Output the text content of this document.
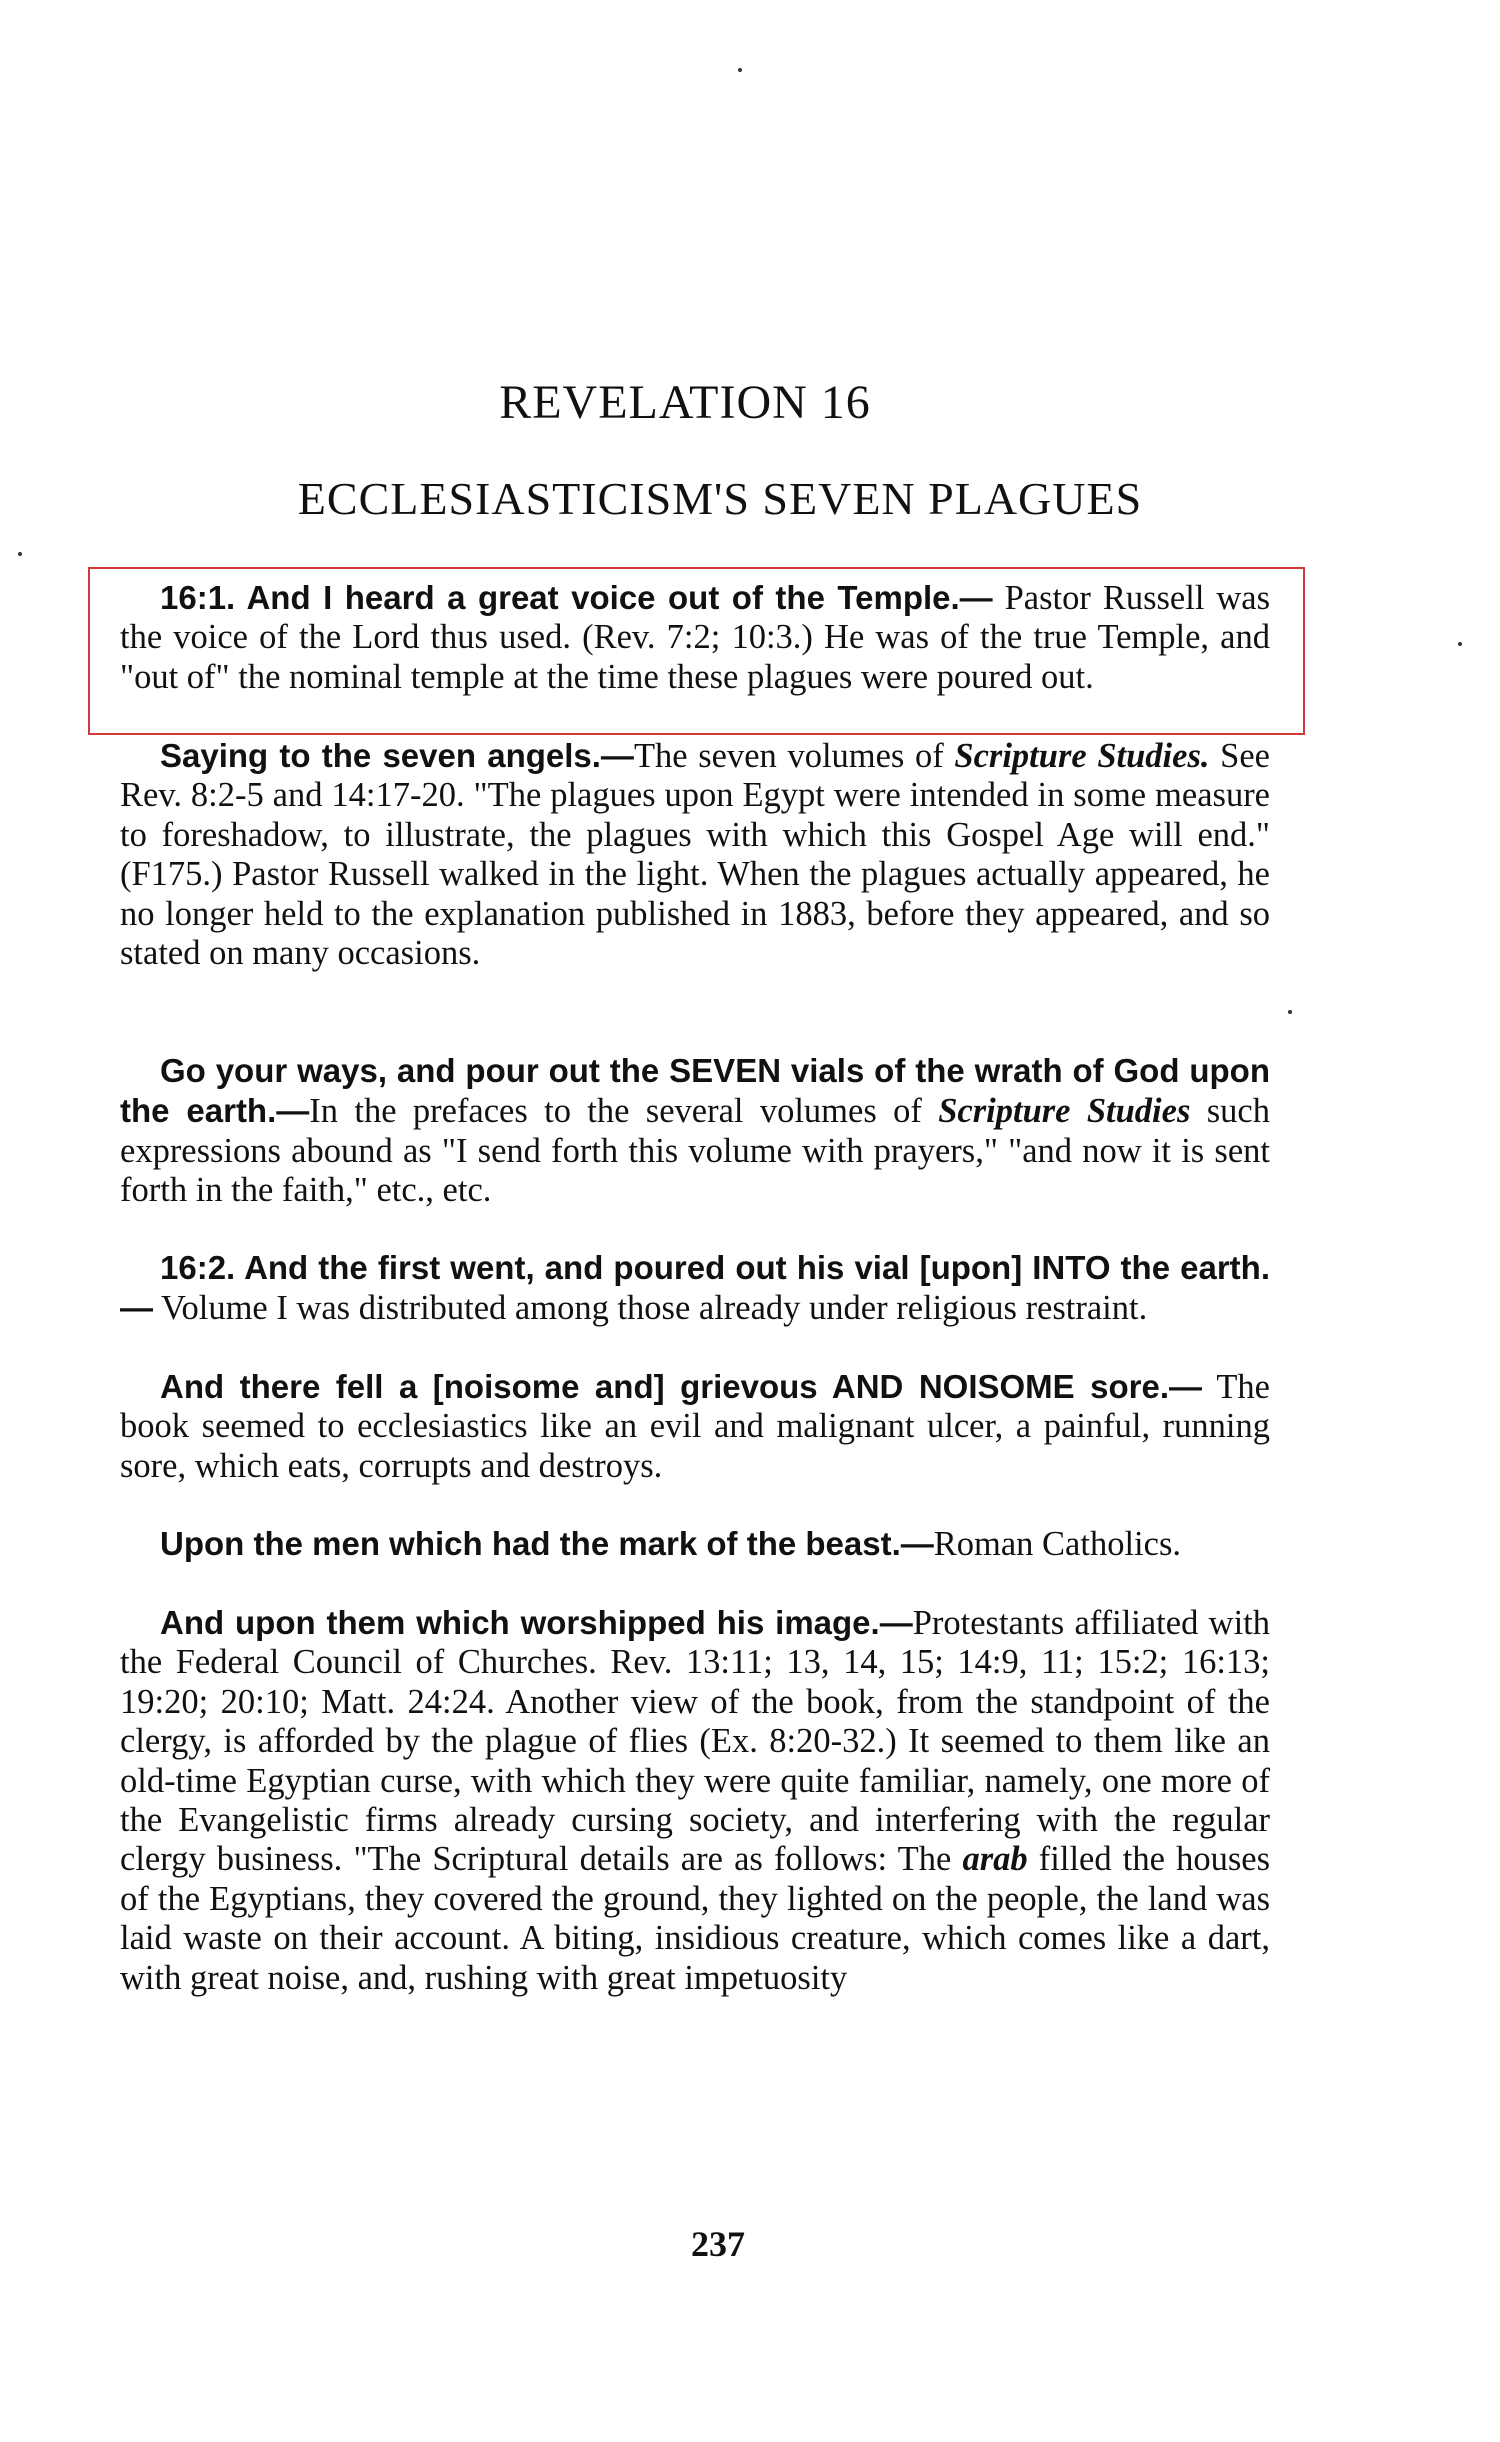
REVELATION 16
ECCLESIASTICISM'S SEVEN PLAGUES
16:1. And I heard a great voice out of the Temple.— Pastor Russell was the voice of the Lord thus used. (Rev. 7:2; 10:3.) He was of the true Temple, and "out of" the nominal temple at the time these plagues were poured out.
Saying to the seven angels.—The seven volumes of Scripture Studies. See Rev. 8:2-5 and 14:17-20. "The plagues upon Egypt were intended in some measure to foreshadow, to illustrate, the plagues with which this Gospel Age will end." (F175.) Pastor Russell walked in the light. When the plagues actually appeared, he no longer held to the explanation published in 1883, before they appeared, and so stated on many occasions.
Go your ways, and pour out the SEVEN vials of the wrath of God upon the earth.—In the prefaces to the several volumes of Scripture Studies such expressions abound as "I send forth this volume with prayers," "and now it is sent forth in the faith," etc., etc.
16:2. And the first went, and poured out his vial [upon] INTO the earth.— Volume I was distributed among those already under religious restraint.
And there fell a [noisome and] grievous AND NOISOME sore.— The book seemed to ecclesiastics like an evil and malignant ulcer, a painful, running sore, which eats, corrupts and destroys.
Upon the men which had the mark of the beast.—Roman Catholics.
And upon them which worshipped his image.—Protestants affiliated with the Federal Council of Churches. Rev. 13:11; 13, 14, 15; 14:9, 11; 15:2; 16:13; 19:20; 20:10; Matt. 24:24. Another view of the book, from the standpoint of the clergy, is afforded by the plague of flies (Ex. 8:20-32.) It seemed to them like an old-time Egyptian curse, with which they were quite familiar, namely, one more of the Evangelistic firms already cursing society, and interfering with the regular clergy business. "The Scriptural details are as follows: The arab filled the houses of the Egyptians, they covered the ground, they lighted on the people, the land was laid waste on their account. A biting, insidious creature, which comes like a dart, with great noise, and, rushing with great impetuosity
237
